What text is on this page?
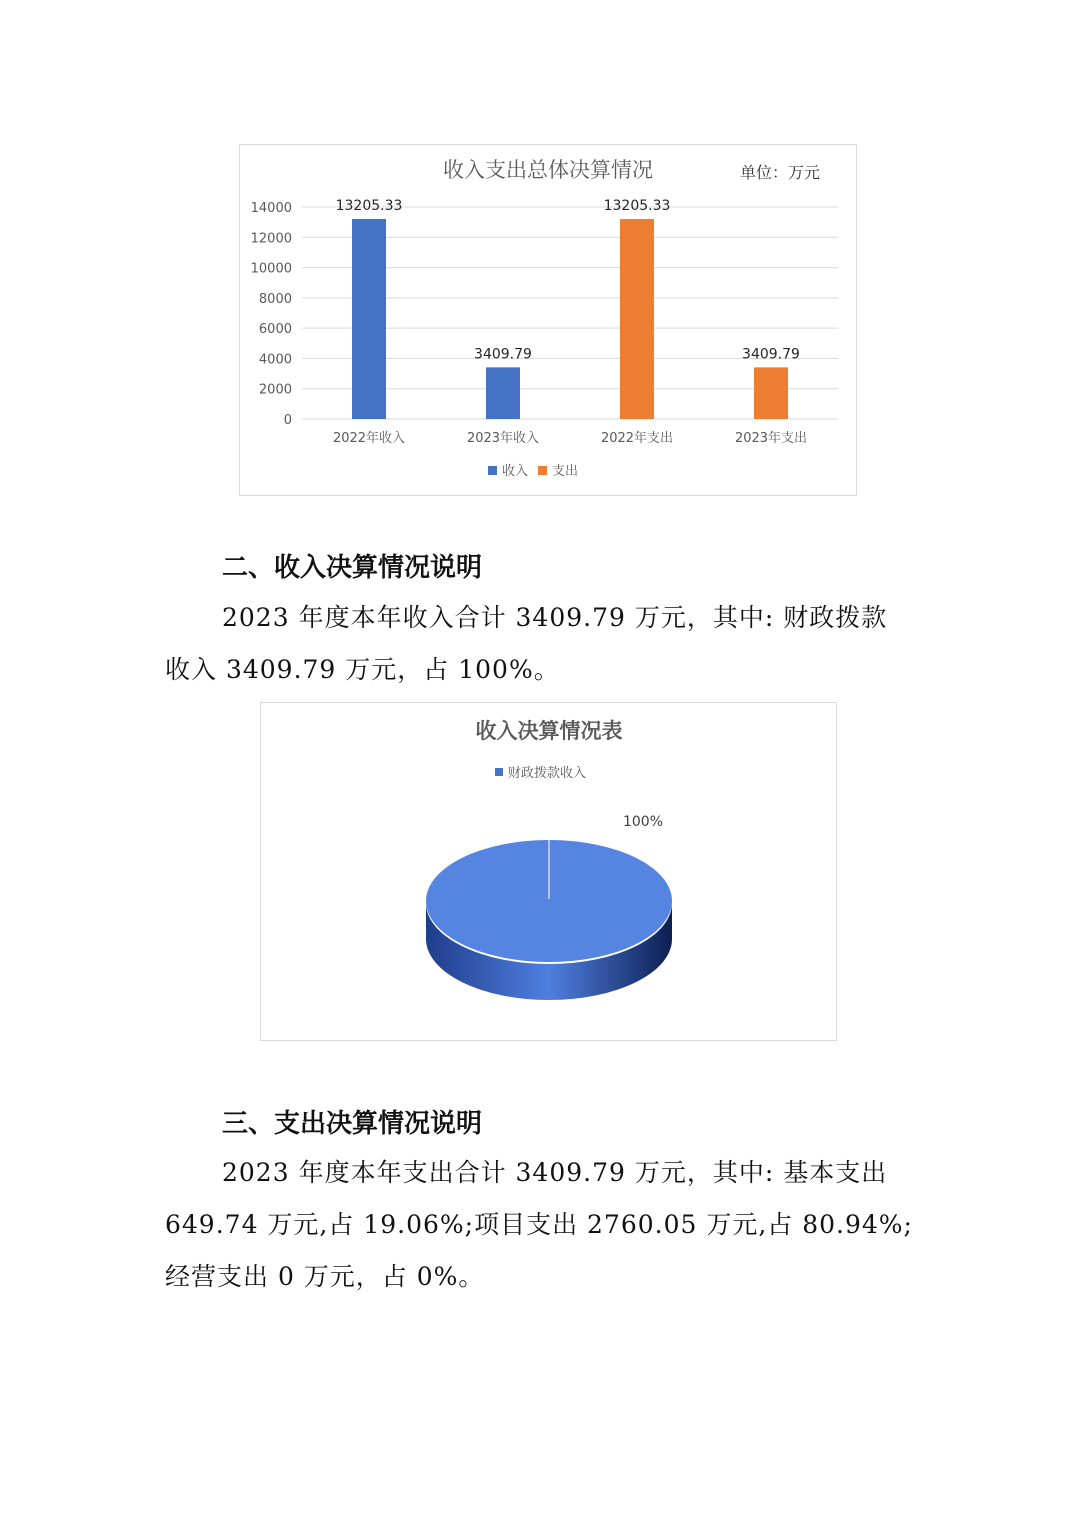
收入支出总体决算情况	单位：万元
0
2000
4000
6000
8000
10000
12000
14000	13205.33
3409.79
13205.33
3409.79
2022年收入	2023年收入	2022年支出	2023年支出
收入 支出
二、收入决算情况说明
2023 年度本年收入合计 3409.79 万元，其中: 财政拨款
收入 3409.79 万元，占 100%。
收入决算情况表
财政拨款收入
100%
三、支出决算情况说明
2023 年度本年支出合计 3409.79 万元，其中: 基本支出
649.74 万元,占 19.06%;项目支出 2760.05 万元,占 80.94%;
经营支出 0 万元，占 0%。
